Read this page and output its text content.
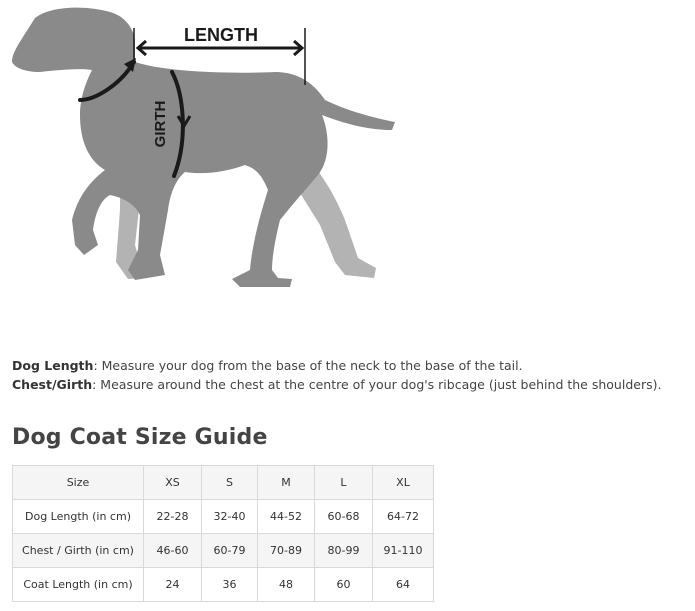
LENGTH
GIRTH
Dog Length: Measure your dog from the base of the neck to the base of the tail.
Chest/Girth: Measure around the chest at the centre of your dog's ribcage (just behind the shoulders).
Dog Coat Size Guide
Size	XS	S	M	L	XL
Dog Length (in cm)	22-28	32-40	44-52	60-68	64-72
Chest / Girth (in cm)	46-60	60-79	70-89	80-99	91-110
Coat Length (in cm)	24	36	48	60	64
